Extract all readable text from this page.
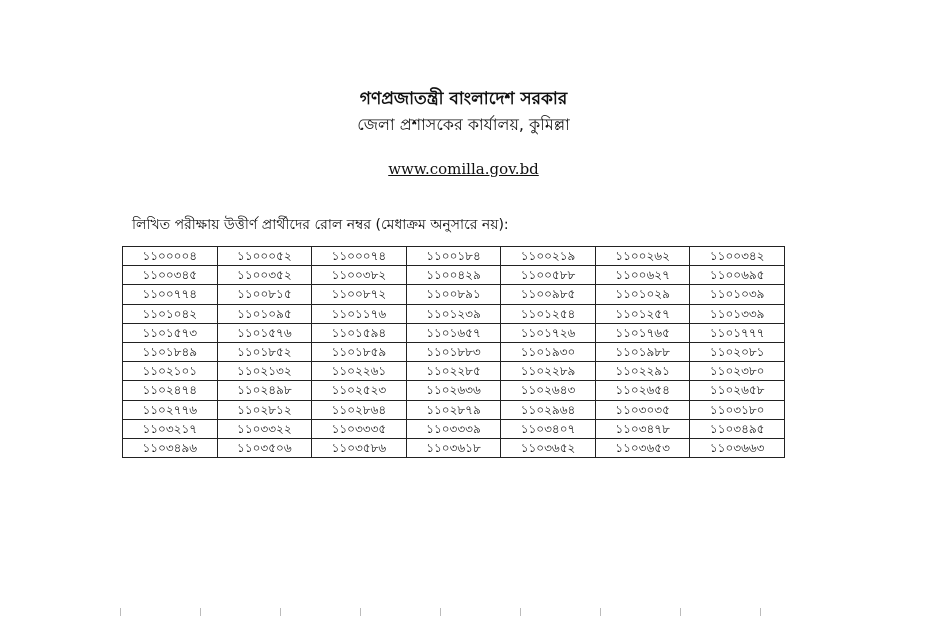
গণপ্রজাতন্ত্রী বাংলাদেশ সরকার
জেলা প্রশাসকের কার্যালয়, কুমিল্লা
www.comilla.gov.bd
লিখিত পরীক্ষায় উত্তীর্ণ প্রার্থীদের রোল নম্বর (মেধাক্রম অনুসারে নয়):
১১০০০০৪	১১০০০৫২	১১০০০৭৪	১১০০১৮৪	১১০০২১৯	১১০০২৬২	১১০০৩৪২
১১০০৩৪৫	১১০০৩৫২	১১০০৩৮২	১১০০৪২৯	১১০০৫৮৮	১১০০৬২৭	১১০০৬৯৫
১১০০৭৭৪	১১০০৮১৫	১১০০৮৭২	১১০০৮৯১	১১০০৯৮৫	১১০১০২৯	১১০১০৩৯
১১০১০৪২	১১০১০৯৫	১১০১১৭৬	১১০১২৩৯	১১০১২৫৪	১১০১২৫৭	১১০১৩৩৯
১১০১৫৭৩	১১০১৫৭৬	১১০১৫৯৪	১১০১৬৫৭	১১০১৭২৬	১১০১৭৬৫	১১০১৭৭৭
১১০১৮৪৯	১১০১৮৫২	১১০১৮৫৯	১১০১৮৮৩	১১০১৯৩০	১১০১৯৮৮	১১০২০৮১
১১০২১০১	১১০২১৩২	১১০২২৬১	১১০২২৮৫	১১০২২৮৯	১১০২২৯১	১১০২৩৮০
১১০২৪৭৪	১১০২৪৯৮	১১০২৫২৩	১১০২৬৩৬	১১০২৬৪৩	১১০২৬৫৪	১১০২৬৫৮
১১০২৭৭৬	১১০২৮১২	১১০২৮৬৪	১১০২৮৭৯	১১০২৯৬৪	১১০৩০৩৫	১১০৩১৮০
১১০৩২১৭	১১০৩৩২২	১১০৩৩৩৫	১১০৩৩৩৯	১১০৩৪০৭	১১০৩৪৭৮	১১০৩৪৯৫
১১০৩৪৯৬	১১০৩৫০৬	১১০৩৫৮৬	১১০৩৬১৮	১১০৩৬৫২	১১০৩৬৫৩	১১০৩৬৬৩
